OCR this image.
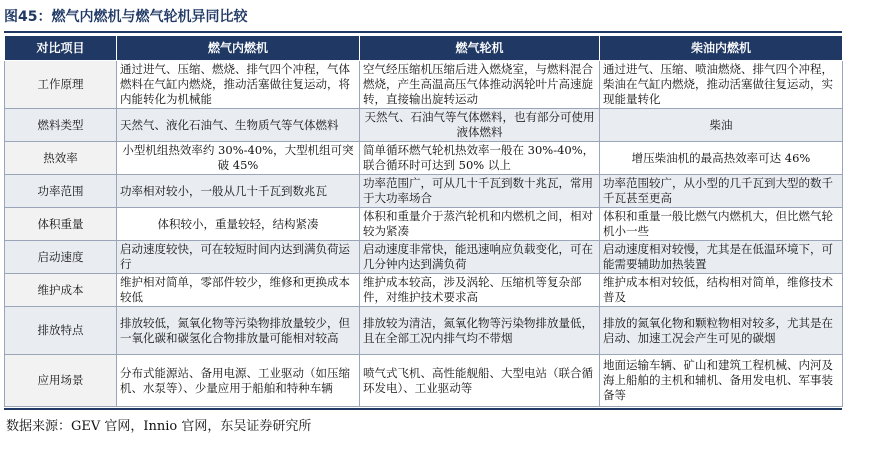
图45：燃气内燃机与燃气轮机异同比较
对比项目	燃气内燃机	燃气轮机	柴油内燃机
工作原理	通过进气、压缩、燃烧、排气四个冲程，气体燃料在气缸内燃烧，推动活塞做往复运动，将内能转化为机械能	空气经压缩机压缩后进入燃烧室，与燃料混合燃烧，产生高温高压气体推动涡轮叶片高速旋转，直接输出旋转运动	通过进气、压缩、喷油燃烧、排气四个冲程，柴油在气缸内燃烧，推动活塞做往复运动，实现能量转化
燃料类型	天然气、液化石油气、生物质气等气体燃料	天然气、石油气等气体燃料，也有部分可使用液体燃料	柴油
热效率	小型机组热效率约 30%-40%，大型机组可突破 45%	简单循环燃气轮机热效率一般在 30%-40%，联合循环时可达到 50% 以上	增压柴油机的最高热效率可达 46%
功率范围	功率相对较小，一般从几十千瓦到数兆瓦	功率范围广，可从几十千瓦到数十兆瓦，常用于大功率场合	功率范围较广，从小型的几千瓦到大型的数千千瓦甚至更高
体积重量	体积较小，重量较轻，结构紧凑	体积和重量介于蒸汽轮机和内燃机之间，相对较为紧凑	体积和重量一般比燃气内燃机大，但比燃气轮机小一些
启动速度	启动速度较快，可在较短时间内达到满负荷运行	启动速度非常快，能迅速响应负载变化，可在几分钟内达到满负荷	启动速度相对较慢，尤其是在低温环境下，可能需要辅助加热装置
维护成本	维护相对简单，零部件较少，维修和更换成本较低	维护成本较高，涉及涡轮、压缩机等复杂部件，对维护技术要求高	维护成本相对较低，结构相对简单，维修技术普及
排放特点	排放较低，氮氧化物等污染物排放量较少，但一氧化碳和碳氢化合物排放量可能相对较高	排放较为清洁，氮氧化物等污染物排放量低，且在全部工况内排气均不带烟	排放的氮氧化物和颗粒物相对较多，尤其是在启动、加速工况会产生可见的碳烟
应用场景	分布式能源站、备用电源、工业驱动（如压缩机、水泵等）、少量应用于船舶和特种车辆	喷气式飞机、高性能舰船、大型电站（联合循环发电）、工业驱动等	地面运输车辆、矿山和建筑工程机械、内河及海上船舶的主机和辅机、备用发电机、军事装备等
数据来源：GEV 官网，Innio 官网，东吴证券研究所
